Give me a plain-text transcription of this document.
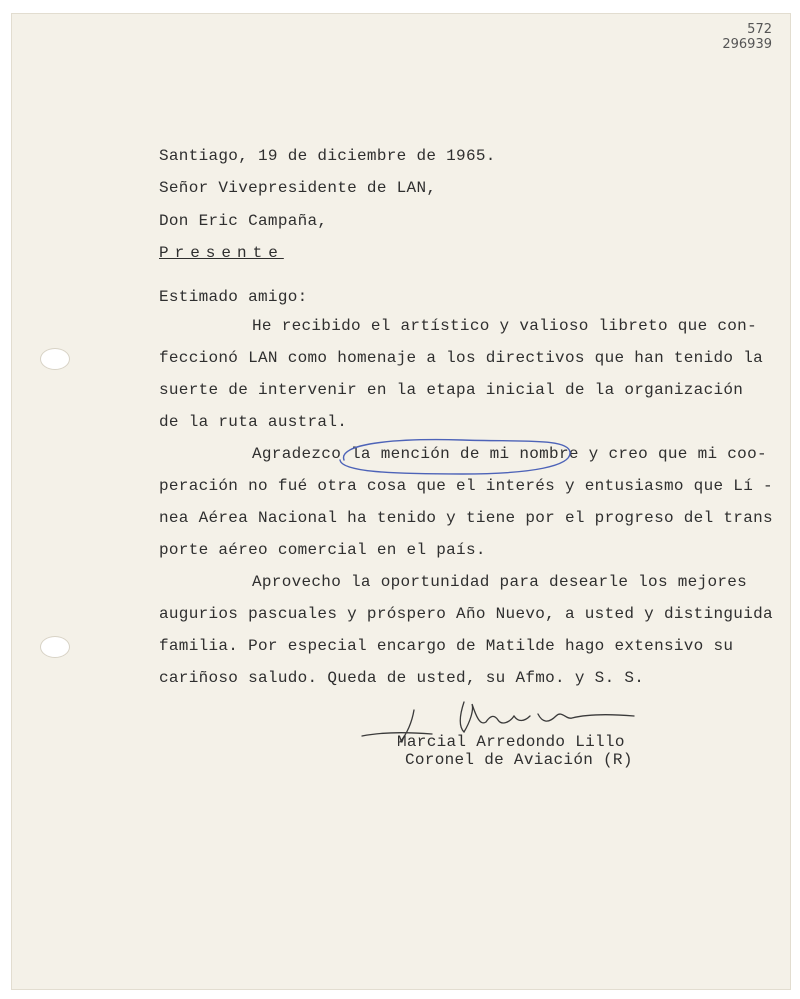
572
296939
Santiago, 19 de diciembre de 1965.
Señor Vivepresidente de LAN,
Don Eric Campaña,
Presente
Estimado amigo:
He recibido el artístico y valioso libreto que con-
feccionó LAN como homenaje a los directivos que han tenido la
suerte de intervenir en la etapa inicial de la organización
de la ruta austral.
Agradezco la mención de mi nombre y creo que mi coo-
peración no fué otra cosa que el interés y entusiasmo que Lí -
nea Aérea Nacional ha tenido y tiene por el progreso del trans
porte aéreo comercial en el país.
Aprovecho la oportunidad para desearle los mejores
augurios pascuales y próspero Año Nuevo, a usted y distinguida
familia. Por especial encargo de Matilde hago extensivo su
cariñoso saludo. Queda de usted, su Afmo. y S. S.
Marcial Arredondo Lillo
Coronel de Aviación (R)
